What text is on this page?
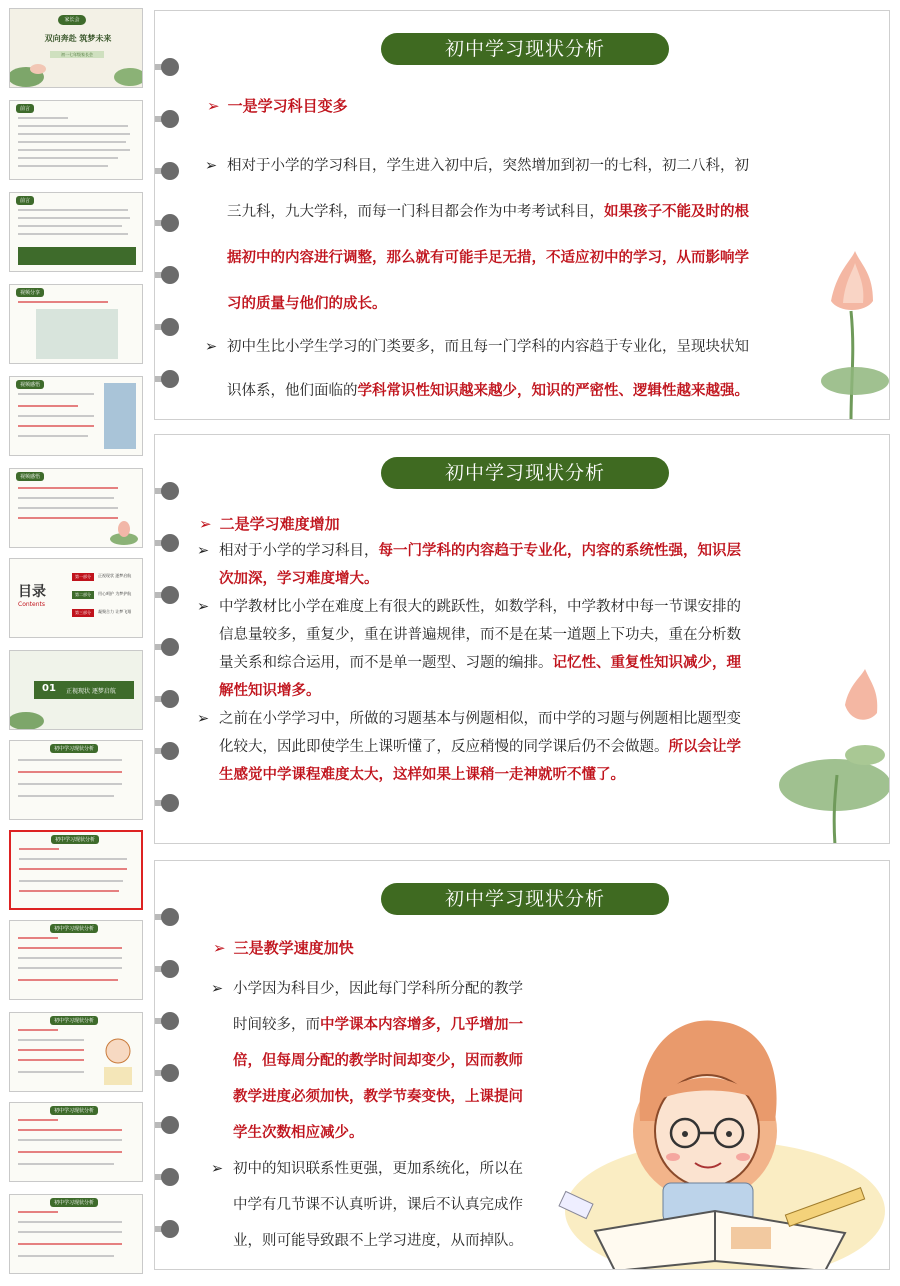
家长会
双向奔赴 筑梦未来
初一七年级家长会
前言
前言
视频分享
视频感悟
视频感悟
目录
Contents
第一部分	正视现状 逐梦启航
第二部分	用心呵护 为梦护航
第三部分	凝聚合力 让梦飞翔
01 正视现状 逐梦启航
初中学习现状分析
初中学习现状分析
初中学习现状分析
初中学习现状分析
初中学习现状分析
初中学习现状分析
初中学习现状分析
➢ 一是学习科目变多
➢ 相对于小学的学习科目，学生进入初中后，突然增加到初一的七科，初二八科，初
三九科，九大学科，而每一门科目都会作为中考考试科目，如果孩子不能及时的根
据初中的内容进行调整，那么就有可能手足无措，不适应初中的学习，从而影响学
习的质量与他们的成长。
➢ 初中生比小学生学习的门类要多，而且每一门学科的内容趋于专业化，呈现块状知
识体系，他们面临的学科常识性知识越来越少，知识的严密性、逻辑性越来越强。
初中学习现状分析
➢ 二是学习难度增加
➢ 相对于小学的学习科目，每一门学科的内容趋于专业化，内容的系统性强，知识层
次加深，学习难度增大。
➢ 中学教材比小学在难度上有很大的跳跃性，如数学科，中学教材中每一节课安排的
信息量较多，重复少，重在讲普遍规律，而不是在某一道题上下功夫，重在分析数
量关系和综合运用，而不是单一题型、习题的编排。记忆性、重复性知识减少，理
解性知识增多。
➢ 之前在小学学习中，所做的习题基本与例题相似，而中学的习题与例题相比题型变
化较大，因此即使学生上课听懂了，反应稍慢的同学课后仍不会做题。所以会让学
生感觉中学课程难度太大，这样如果上课稍一走神就听不懂了。
初中学习现状分析
➢ 三是教学速度加快
➢ 小学因为科目少，因此每门学科所分配的教学
时间较多，而中学课本内容增多，几乎增加一
倍，但每周分配的教学时间却变少，因而教师
教学进度必须加快，教学节奏变快，上课提问
学生次数相应减少。
➢ 初中的知识联系性更强，更加系统化，所以在
中学有几节课不认真听讲，课后不认真完成作
业，则可能导致跟不上学习进度，从而掉队。
